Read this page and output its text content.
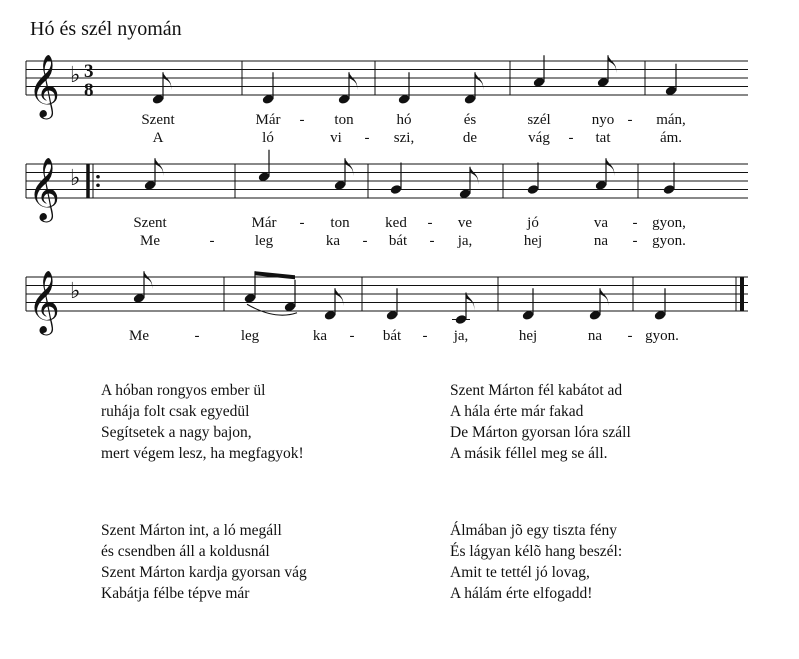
Hó és szél nyomán
𝄞 ♭ 3
8
𝄞 ♭
𝄞 ♭
Szent	Már - ton	hó	és	szél	nyo - mán,
A	ló	vi - szi,	de	vág - tat	ám.
Szent	Már - ton ked - ve	jó	va - gyon,
Me	-	leg	ka - bát - ja,	hej	na - gyon.
Me	-	leg	ka - bát - ja,	hej	na - gyon.
A hóban rongyos ember ül
ruhája folt csak egyedül
Segítsetek a nagy bajon,
mert végem lesz, ha megfagyok!
Szent Márton fél kabátot ad
A hála érte már fakad
De Márton gyorsan lóra száll
A másik féllel meg se áll.
Szent Márton int, a ló megáll
és csendben áll a koldusnál
Szent Márton kardja gyorsan vág
Kabátja félbe tépve már
Álmában jõ egy tiszta fény
És lágyan kélõ hang beszél:
Amit te tettél jó lovag,
A hálám érte elfogadd!
